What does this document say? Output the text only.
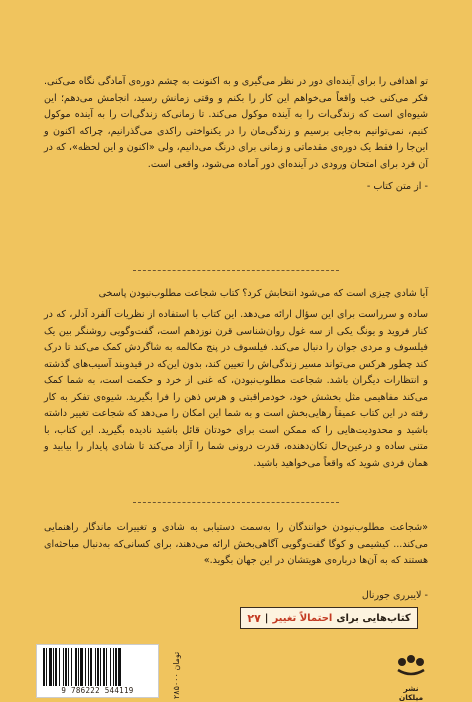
تو اهدافی را برای آینده‌ای دور در نظر می‌گیری و به اکنونت به چشم دوره‌ی آمادگی نگاه می‌کنی. فکر می‌کنی خب واقعاً می‌خواهم این کار را بکنم و وقتی زمانش رسید، انجامش می‌دهم؛ این شیوه‌ای است که زندگی‌ات را به آینده موکول می‌کند. تا زمانی‌که زندگی‌ات را به آینده موکول کنیم، نمی‌توانیم به‌جایی برسیم و زندگی‌مان را در یکنواختی راکدی می‌گذرانیم، چراکه اکنون و این‌جا را فقط یک دوره‌ی مقدماتی و زمانی برای درنگ می‌دانیم، ولی «اکنون و این لحظه»، که در آن فرد برای امتحان ورودی در آینده‌ای دور آماده می‌شود، واقعی است.
- از متن کتاب -
آیا شادی چیزی است که می‌شود انتخابش کرد؟ کتاب شجاعت مطلوب‌نبودن پاسخی
ساده و سرراست برای این سؤال ارائه می‌دهد. این کتاب با استفاده از نظریات آلفرد آدلر، که در کنار فروید و یونگ یکی از سه غول روان‌شناسی قرن نوزدهم است، گفت‌وگویی روشنگر بین یک فیلسوف و مردی جوان را دنبال می‌کند. فیلسوف در پنج مکالمه به شاگردش کمک می‌کند تا درک کند چطور هرکس می‌تواند مسیر زندگی‌اش را تعیین کند، بدون این‌که در قیدوبند آسیب‌های گذشته و انتظارات دیگران باشد. شجاعت مطلوب‌نبودن، که غنی از خرد و حکمت است، به شما کمک می‌کند مفاهیمی مثل بخشش خود، خودمراقبتی و هرس ذهن را فرا بگیرید. شیوه‌ی تفکر به کار رفته در این کتاب عمیقاً رهایی‌بخش است و به شما این امکان را می‌دهد که شجاعت تغییر داشته باشید و محدودیت‌هایی را که ممکن است برای خودتان قائل باشید نادیده بگیرید. این کتاب، با متنی ساده و درعین‌حال تکان‌دهنده، قدرت درونی شما را آزاد می‌کند تا شادی پایدار را بیابید و همان فردی شوید که واقعاً می‌خواهید باشید.
«شجاعت مطلوب‌نبودن خوانندگان را به‌سمت دستیابی به شادی و تغییرات ماندگار راهنمایی می‌کند... کیشیمی و کوگا گفت‌وگویی آگاهی‌بخش ارائه می‌دهند، برای کسانی‌که به‌دنبال مباحثه‌ای هستند که به آن‌ها درباره‌ی هویتشان در این جهان بگوید.»
- لایبرری جورنال
کتاب‌هایی برای
احتمالاً تغییر
|
۲۷
۲۸۵۰۰۰ تومان
9 786222 544119	نشر میلکان
